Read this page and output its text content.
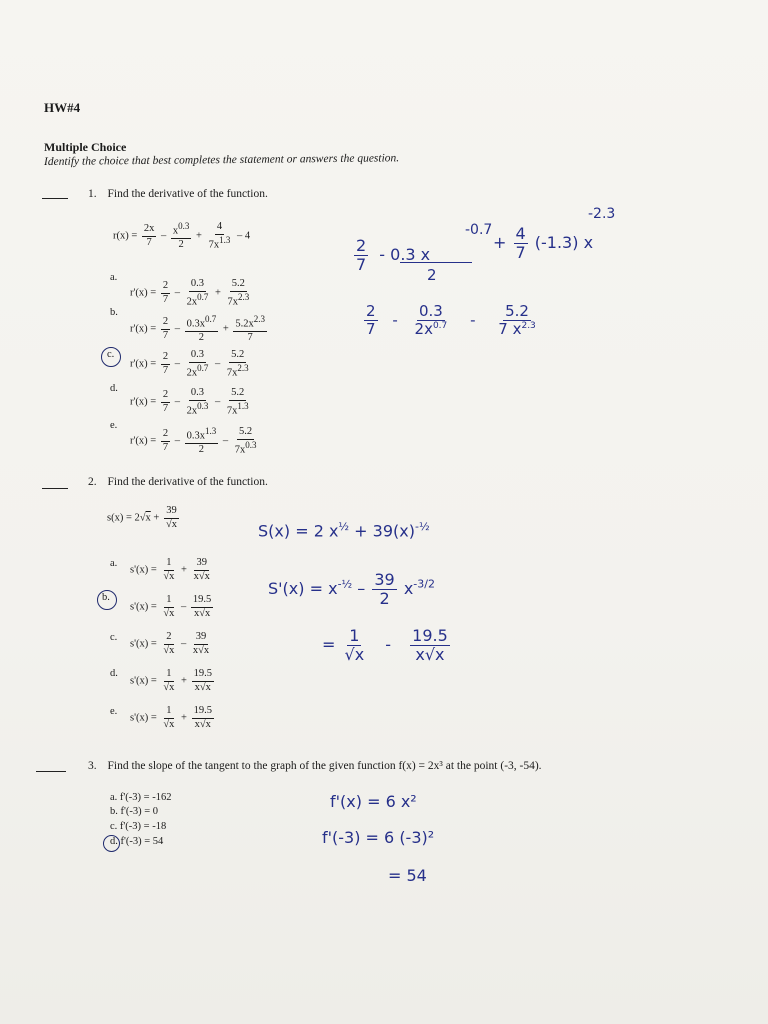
HW#4
Multiple Choice
Identify the choice that best completes the statement or answers the question.
1. Find the derivative of the function.
$r(x) = \frac{2x}{7} - \frac{x^{0.3}}{2} + \frac{4}{7x^{1.3}} - 4$
a.
$r'(x) = \frac{2}{7} - \frac{0.3}{2x^{0.7}} + \frac{5.2}{7x^{2.3}}$
b.
$r'(x) = \frac{2}{7} - \frac{0.3x^{0.7}}{2} + \frac{5.2x^{2.3}}{7}$
c.
$r'(x) = \frac{2}{7} - \frac{0.3}{2x^{0.7}} - \frac{5.2}{7x^{2.3}}$
d.
$r'(x) = \frac{2}{7} - \frac{0.3}{2x^{0.3}} - \frac{5.2}{7x^{1.3}}$
e.
$r'(x) = \frac{2}{7} - \frac{0.3x^{1.3}}{2} - \frac{5.2}{7x^{0.3}}$
-2.3
-0.7
$\frac{2}{7} - 0.3$ x
2
+ $\frac{4}{7} (-1.3)$ x
$\frac{2}{7} - \frac{0.3}{2x^{0.7}} - \frac{5.2}{7 x^{2.3}}$
2. Find the derivative of the function.
$s(x) = 2√x + \frac{39}{√x}$
a.
$s'(x) = \frac{1}{√x} + \frac{39}{x√x}$
b.
$s'(x) = \frac{1}{√x} - \frac{19.5}{x√x}$
c.
$s'(x) = \frac{2}{√x} - \frac{39}{x√x}$
d.
$s'(x) = \frac{1}{√x} + \frac{19.5}{x√x}$
e.
$s'(x) = \frac{1}{√x} + \frac{19.5}{x√x}$
S(x) = 2 $x^{\frac{1}{2}} + 39(x)^{-\frac{1}{2}}$
$S'(x) = x^{-\frac{1}{2}} - \frac{39}{2} x^{-3/2}$
= $\frac{1}{√x} - \frac{19.5}{x√x}$
3. Find the slope of the tangent to the graph of the given function f(x) = 2x³ at the point (-3, -54).
a. f'(-3) = -162
b. f'(-3) = 0
c. f'(-3) = -18
d. f'(-3) = 54
f'(x) = 6 x²
f'(-3) = 6 (-3)²
= 54
